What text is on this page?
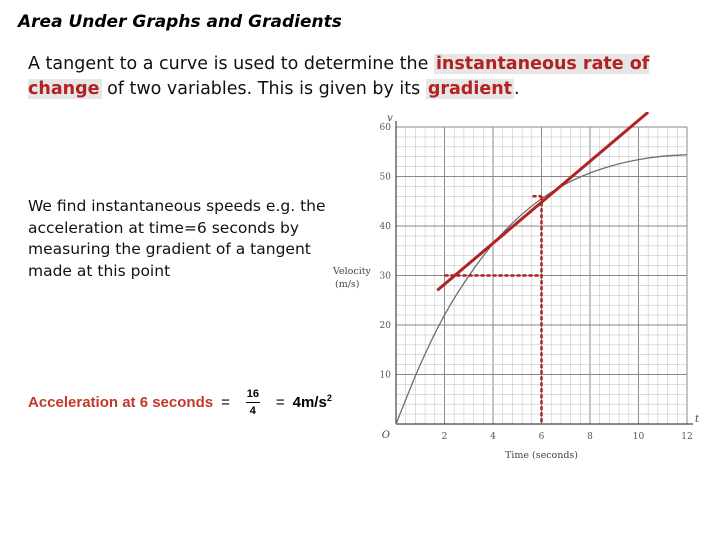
Area Under Graphs and Gradients
A tangent to a curve is used to determine the instantaneous rate of change of two variables. This is given by its gradient .
We find instantaneous speeds e.g. the acceleration at time=6 seconds by measuring the gradient of a tangent made at this point
Acceleration at 6 seconds = $\frac{16}{4} = 4m/s^2$
2	4	6	8	10	12
10
20
30
40
50
60
O
v
t
Velocity
(m/s)
Time (seconds)
